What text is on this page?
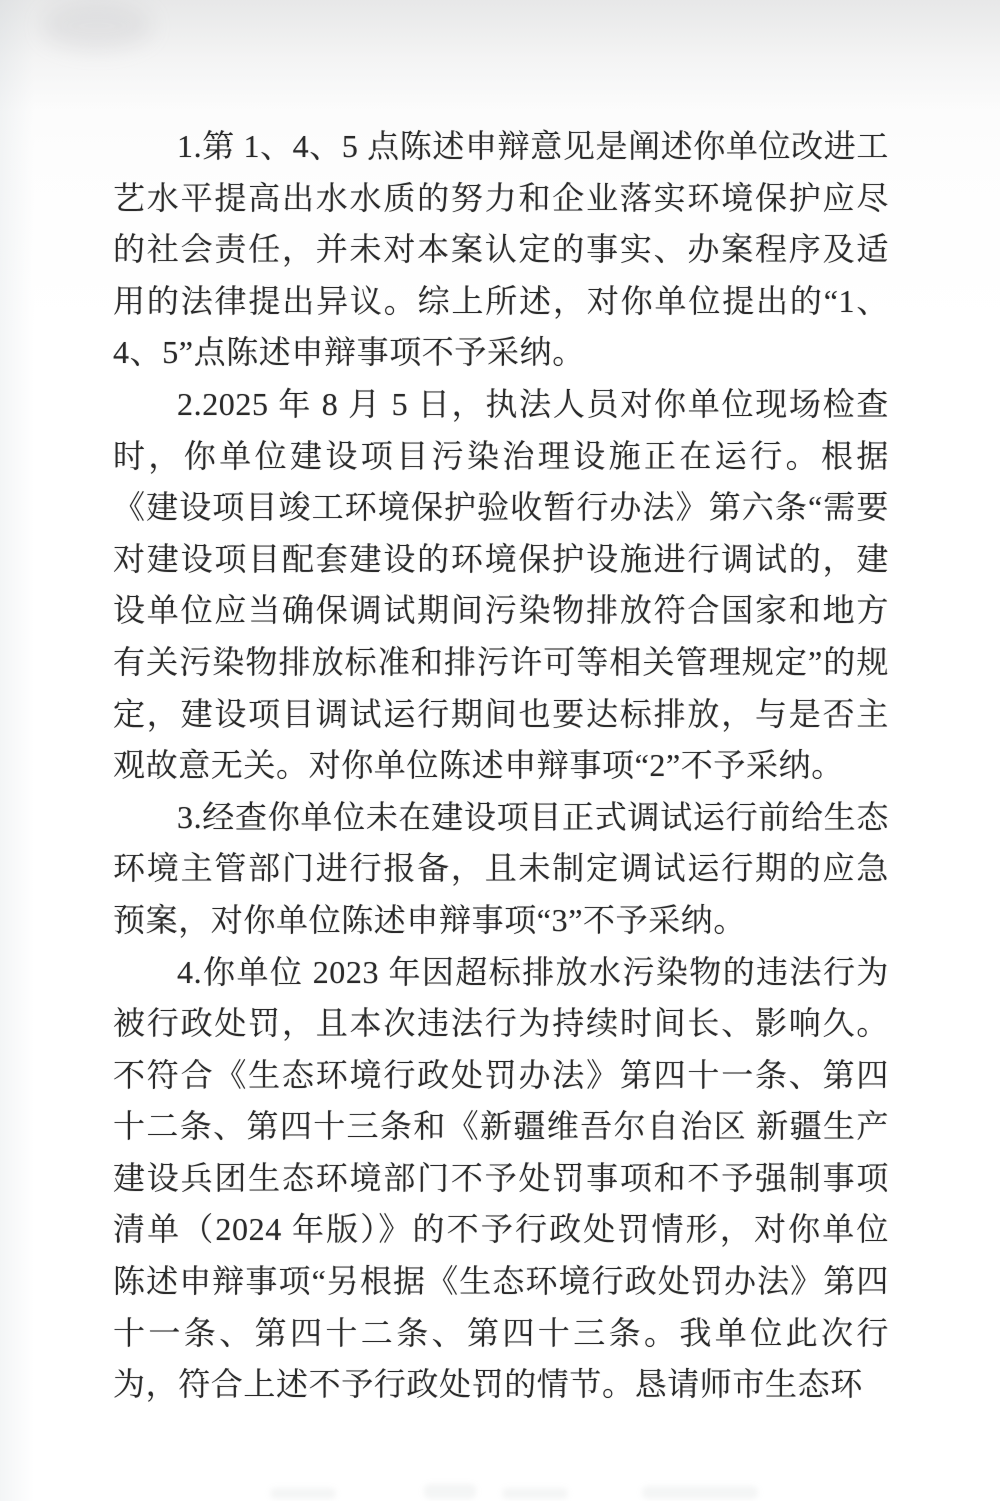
1.第 1、4、5 点陈述申辩意见是阐述你单位改进工艺水平提高出水水质的努力和企业落实环境保护应尽的社会责任，并未对本案认定的事实、办案程序及适用的法律提出异议。综上所述，对你单位提出的“1、4、5”点陈述申辩事项不予采纳。

2.2025 年 8 月 5 日，执法人员对你单位现场检查时，你单位建设项目污染治理设施正在运行。根据《建设项目竣工环境保护验收暂行办法》第六条“需要对建设项目配套建设的环境保护设施进行调试的，建设单位应当确保调试期间污染物排放符合国家和地方有关污染物排放标准和排污许可等相关管理规定”的规定，建设项目调试运行期间也要达标排放，与是否主观故意无关。对你单位陈述申辩事项“2”不予采纳。

3.经查你单位未在建设项目正式调试运行前给生态环境主管部门进行报备，且未制定调试运行期的应急预案，对你单位陈述申辩事项“3”不予采纳。

4.你单位 2023 年因超标排放水污染物的违法行为被行政处罚，且本次违法行为持续时间长、影响久。不符合《生态环境行政处罚办法》第四十一条、第四十二条、第四十三条和《新疆维吾尔自治区 新疆生产建设兵团生态环境部门不予处罚事项和不予强制事项清单（2024 年版）》的不予行政处罚情形，对你单位陈述申辩事项“另根据《生态环境行政处罚办法》第四十一条、第四十二条、第四十三条。我单位此次行为，符合上述不予行政处罚的情节。恳请师市生态环
